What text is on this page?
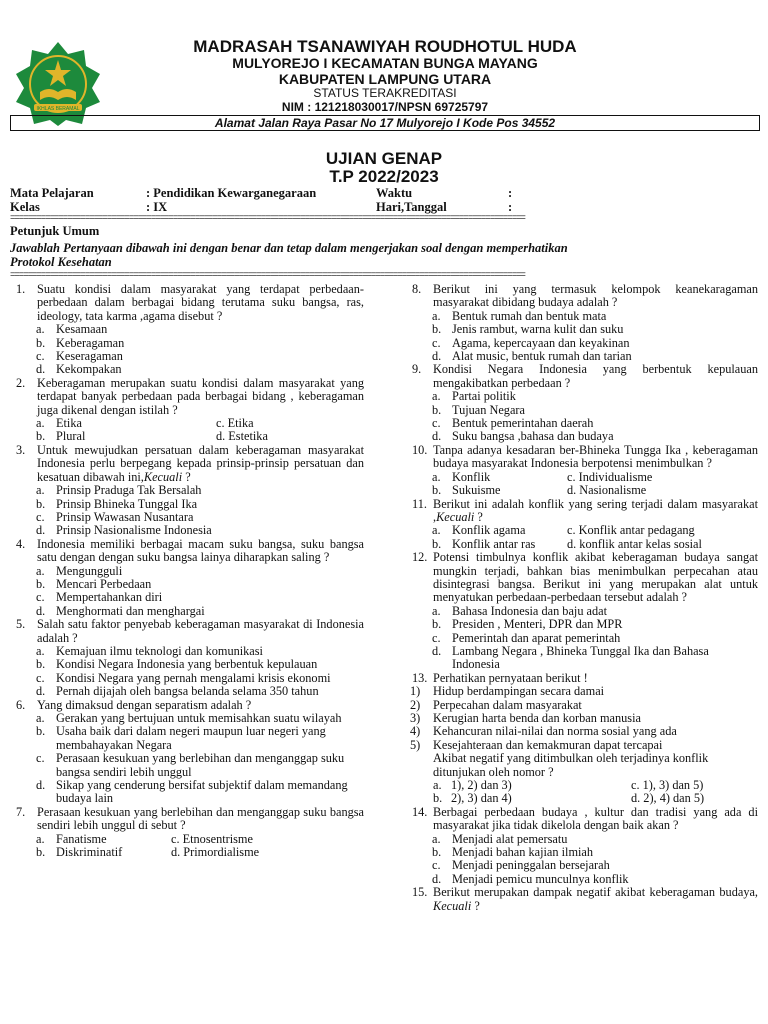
IKHLAS BERAMAL
MADRASAH TSANAWIYAH ROUDHOTUL HUDA
MULYOREJO I KECAMATAN BUNGA MAYANG
KABUPATEN LAMPUNG UTARA
STATUS TERAKREDITASI
NIM : 121218030017/NPSN 69725797
Alamat Jalan Raya Pasar No 17 Mulyorejo I Kode Pos 34552
UJIAN GENAP
T.P 2022/2023
Mata Pelajaran	: Pendidikan Kewarganegaraan	Waktu	:
Kelas	: IX	Hari,Tanggal	:
=====================================================================================================================
Petunjuk Umum
Jawablah Pertanyaan dibawah ini dengan benar dan tetap dalam mengerjakan soal dengan memperhatikan
Protokol Kesehatan
=====================================================================================================================
1. Suatu kondisi dalam masyarakat yang terdapat perbedaan-perbedaan dalam berbagai bidang terutama suku bangsa, ras, ideology, tata karma ,agama disebut ?
a. Kesamaan
b. Keberagaman
c. Keseragaman
d. Kekompakan
2. Keberagaman merupakan suatu kondisi dalam masyarakat yang terdapat banyak perbedaan pada berbagai bidang , keberagaman juga dikenal dengan istilah ?
a. Etika	c. Etika
b. Plural	d. Estetika
3. Untuk mewujudkan persatuan dalam keberagaman masyarakat Indonesia perlu berpegang kepada prinsip-prinsip persatuan dan kesatuan dibawah ini,Kecuali ?
a. Prinsip Praduga Tak Bersalah
b. Prinsip Bhineka Tunggal Ika
c. Prinsip Wawasan Nusantara
d. Prinsip Nasionalisme Indonesia
4. Indonesia memiliki berbagai macam suku bangsa, suku bangsa satu dengan dengan suku bangsa lainya diharapkan saling ?
a. Mengungguli
b. Mencari Perbedaan
c. Mempertahankan diri
d. Menghormati dan menghargai
5. Salah satu faktor penyebab keberagaman masyarakat di Indonesia adalah ?
a. Kemajuan ilmu teknologi dan komunikasi
b. Kondisi Negara Indonesia yang berbentuk kepulauan
c. Kondisi Negara yang pernah mengalami krisis ekonomi
d. Pernah dijajah oleh bangsa belanda selama 350 tahun
6. Yang dimaksud dengan separatism adalah ?
a. Gerakan yang bertujuan untuk memisahkan suatu wilayah
b. Usaha baik dari dalam negeri maupun luar negeri yang membahayakan Negara
c. Perasaan kesukuan yang berlebihan dan menganggap suku bangsa sendiri lebih unggul
d. Sikap yang cenderung bersifat subjektif dalam memandang budaya lain
7. Perasaan kesukuan yang berlebihan dan menganggap suku bangsa sendiri lebih unggul di sebut ?
a. Fanatisme	c. Etnosentrisme
b. Diskriminatif	d. Primordialisme
8. Berikut ini yang termasuk kelompok keanekaragaman masyarakat dibidang budaya adalah ?
a. Bentuk rumah dan bentuk mata
b. Jenis rambut, warna kulit dan suku
c. Agama, kepercayaan dan keyakinan
d. Alat music, bentuk rumah dan tarian
9. Kondisi Negara Indonesia yang berbentuk kepulauan mengakibatkan perbedaan ?
a. Partai politik
b. Tujuan Negara
c. Bentuk pemerintahan daerah
d. Suku bangsa ,bahasa dan budaya
10. Tanpa adanya kesadaran ber-Bhineka Tungga Ika , keberagaman budaya masyarakat Indonesia berpotensi menimbulkan ?
a. Konflik	c. Individualisme
b. Sukuisme	d. Nasionalisme
11. Berikut ini adalah konflik yang sering terjadi dalam masyarakat ,Kecuali ?
a. Konflik agama	c. Konflik antar pedagang
b. Konflik antar ras	d. konflik antar kelas sosial
12. Potensi timbulnya konflik akibat keberagaman budaya sangat mungkin terjadi, bahkan bias menimbulkan perpecahan atau disintegrasi bangsa. Berikut ini yang merupakan alat untuk menyatukan perbedaan-perbedaan tersebut adalah ?
a. Bahasa Indonesia dan baju adat
b. Presiden , Menteri, DPR dan MPR
c. Pemerintah dan aparat pemerintah
d. Lambang Negara , Bhineka Tunggal Ika dan Bahasa Indonesia
13. Perhatikan pernyataan berikut !
1) Hidup berdampingan secara damai
2) Perpecahan dalam masyarakat
3) Kerugian harta benda dan korban manusia
4) Kehancuran nilai-nilai dan norma sosial yang ada
5) Kesejahteraan dan kemakmuran dapat tercapai
Akibat negatif yang ditimbulkan oleh terjadinya konflik ditunjukan oleh nomor ?
a. 1), 2) dan 3)	c. 1), 3) dan 5)
b. 2), 3) dan 4)	d. 2), 4) dan 5)
14. Berbagai perbedaan budaya , kultur dan tradisi yang ada di masyarakat jika tidak dikelola dengan baik akan ?
a. Menjadi alat pemersatu
b. Menjadi bahan kajian ilmiah
c. Menjadi peninggalan bersejarah
d. Menjadi pemicu munculnya konflik
15. Berikut merupakan dampak negatif akibat keberagaman budaya, Kecuali ?
